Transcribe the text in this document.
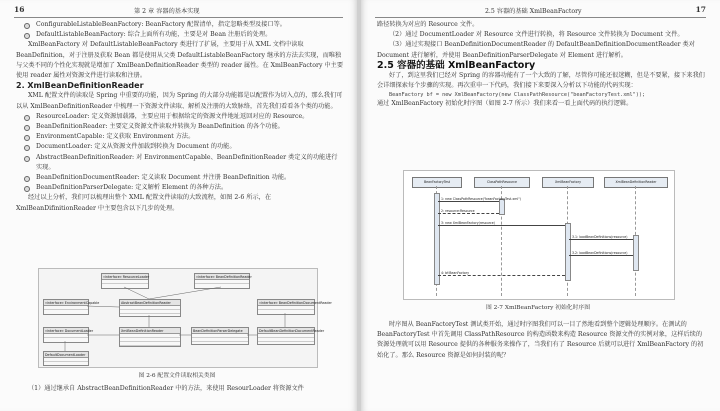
16	第 2 章 容器的基本实现

ConfigurableListableBeanFactory: BeanFactory 配置清单，指定忽略类型及接口等。

DefaultListableBeanFactory: 综合上面所有功能，主要是对 Bean 注册后的处理。

XmlBeanFactory 对 DefaultListableBeanFactory 类进行了扩展，主要用于从 XML 文档中读取 BeanDefinition，对于注册及获取 Bean 都是使用从父类 DefaultListableBeanFactory 继承的方法去实现，而唯独与父类不同的个性化实现就是增加了 XmlBeanDefinitionReader 类型的 reader 属性。在 XmlBeanFactory 中主要使用 reader 属性对资源文件进行读取和注册。

2. XmlBeanDefinitionReader

XML 配置文件的读取是 Spring 中重要的功能，因为 Spring 的大部分功能都是以配置作为切入点的，那么我们可以从 XmlBeanDefinitionReader 中梳理一下资源文件读取、解析及注册的大致脉络，首先我们看看各个类的功能。

ResourceLoader: 定义资源加载器，主要应用于根据给定的资源文件地址返回对应的 Resource。

BeanDefinitionReader: 主要定义资源文件读取并转换为 BeanDefinition 的各个功能。

EnvironmentCapable: 定义获取 Environment 方法。

DocumentLoader: 定义从资源文件加载到转换为 Document 的功能。

AbstractBeanDefinitionReader: 对 EnvironmentCapable、BeanDefinitionReader 类定义的功能进行实现。

BeanDefinitionDocumentReader: 定义读取 Document 并注册 BeanDefinition 功能。

BeanDefinitionParserDelegate: 定义解析 Element 的各种方法。

经过以上分析，我们可以梳理出整个 XML 配置文件读取的大致流程，如图 2-6 所示，在 XmlBeanDifinitionReader 中主要包含以下几步的处理。

«interface» ResourceLoader	«interface» BeanDefinitionReader
«interface» EnvironmentCapable	«interface» BeanDefinitionDocumentReader
AbstractBeanDefinitionReader
XmlBeanDefinitionReader	DefaultBeanDefinitionDocumentReader
BeanDefinitionParserDelegate
«interface» DocumentLoader
DefaultDocumentLoader
图 2-6 配置文件读取相关类图

（1）通过继承自 AbstractBeanDefinitionReader 中的方法，来使用 ResourLoader 将资源文件

2.5 容器的基础 XmlBeanFactory	17

路径转换为对应的 Resource 文件。

（2）通过 DocumentLoader 对 Resource 文件进行转换，将 Resource 文件转换为 Document 文件。

（3）通过实现接口 BeanDefinitionDocumentReader 的 DefaultBeanDefinitionDocumentReader 类对 Document 进行解析，并使用 BeanDefinitionParserDelegate 对 Element 进行解析。

2.5 容器的基础 XmlBeanFactory

好了，到这里我们已经对 Spring 的容器功能有了一个大致的了解，尽管你可能还很迷糊，但是不要紧，接下来我们会详细探索每个步骤的实现。再次重申一下代码，我们接下来要深入分析以下功能的代码实现：

BeanFactory bf = new XmlBeanFactory(new ClassPathResource("beanFactoryTest.xml"));

通过 XmlBeanFactory 初始化时序图（如图 2-7 所示）我们来看一看上面代码的执行逻辑。

BeanFactoryTest	ClassPathResource	XmlBeanFactory	XmlBeanDefinitionReader
1: new ClassPathResource("beanFactoryTest.xml")
2: resource:Resource
3: new XmlBeanFactory(resource)
3.1: loadBeanDefinitions(resource)
3.2: loadBeanDefinitions(resource)
4: bf:BeanFactory
图 2-7 XmlBeanFactory 初始化时序图

时序图从 BeanFactoryTest 测试类开始，通过时序图我们可以一目了然地看到整个逻辑处理顺序。在测试的 BeanFactoryTest 中首先调用 ClassPathResource 的构造函数来构造 Resource 资源文件的实例对象，这样后续的资源处理就可以用 Resource 提供的各种服务来操作了，当我们有了 Resource 后就可以进行 XmlBeanFactory 的初始化了。那么 Resource 资源是如何封装的呢？
